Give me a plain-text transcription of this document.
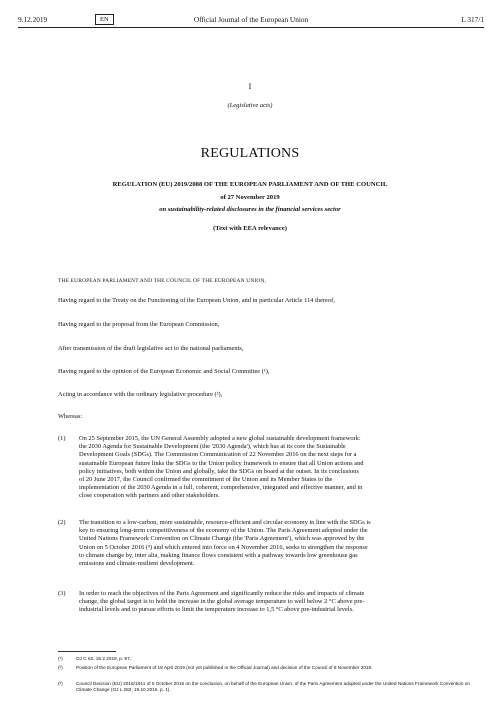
Official Journal of the European Union
9.12.2019	EN	L 317/1
I
(Legislative acts)
REGULATIONS
REGULATION (EU) 2019/2088 OF THE EUROPEAN PARLIAMENT AND OF THE COUNCIL
of 27 November 2019
on sustainability-related disclosures in the financial services sector
(Text with EEA relevance)
THE EUROPEAN PARLIAMENT AND THE COUNCIL OF THE EUROPEAN UNION,
Having regard to the Treaty on the Functioning of the European Union, and in particular Article 114 thereof,
Having regard to the proposal from the European Commission,
After transmission of the draft legislative act to the national parliaments,
Having regard to the opinion of the European Economic and Social Committee (¹),
Acting in accordance with the ordinary legislative procedure (²),
Whereas:
(1) On 25 September 2015, the UN General Assembly adopted a new global sustainable development framework:
the 2030 Agenda for Sustainable Development (the '2030 Agenda'), which has at its core the Sustainable
Development Goals (SDGs). The Commission Communication of 22 November 2016 on the next steps for a
sustainable European future links the SDGs to the Union policy framework to ensure that all Union actions and
policy initiatives, both within the Union and globally, take the SDGs on board at the outset. In its conclusions
of 20 June 2017, the Council confirmed the commitment of the Union and its Member States to the
implementation of the 2030 Agenda in a full, coherent, comprehensive, integrated and effective manner, and in
close cooperation with partners and other stakeholders.
(2) The transition to a low-carbon, more sustainable, resource-efficient and circular economy in line with the SDGs is
key to ensuring long-term competitiveness of the economy of the Union. The Paris Agreement adopted under the
United Nations Framework Convention on Climate Change (the 'Paris Agreement'), which was approved by the
Union on 5 October 2016 (³) and which entered into force on 4 November 2016, seeks to strengthen the response
to climate change by, inter alia, making finance flows consistent with a pathway towards low greenhouse gas
emissions and climate-resilient development.
(3) In order to reach the objectives of the Paris Agreement and significantly reduce the risks and impacts of climate
change, the global target is to hold the increase in the global average temperature to well below 2 °C above pre-
industrial levels and to pursue efforts to limit the temperature increase to 1,5 °C above pre-industrial levels.
(¹)	OJ C 62, 15.2.2019, p. 97.
(²)	Position of the European Parliament of 18 April 2019 (not yet published in the Official Journal) and decision of the Council of 8 November 2019.
(³)	Council Decision (EU) 2016/1841 of 5 October 2016 on the conclusion, on behalf of the European Union, of the Paris Agreement adopted under the United Nations Framework Convention on Climate Change (OJ L 282, 19.10.2016, p. 1).
